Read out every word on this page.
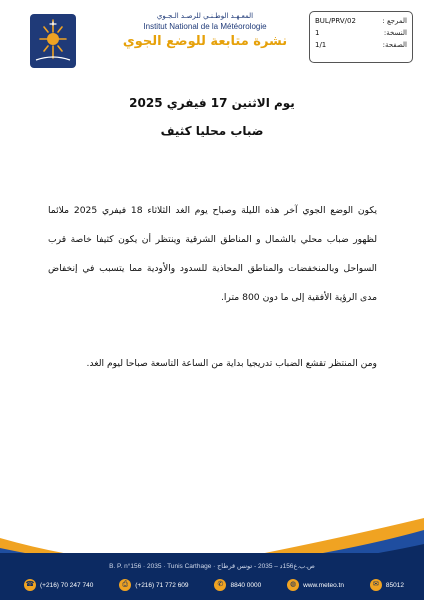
المرجع :
BUL/PRV/02
النسخة:
1
الصفحة:
1/1
المعـهـد الوطـنـي للرصـد الـجـوي
Institut National de la Météorologie
نشرة متابعة للوضع الجوي
يوم الاثنين 17 فيفري 2025
ضباب محليا كثيف

يكون الوضع الجوي آخر هذه الليلة وصباح يوم الغد الثلاثاء 18 فيفري 2025 ملائما لظهور ضباب محلي بالشمال و المناطق الشرقية وينتظر أن يكون كثيفا خاصة قرب السواحل وبالمنخفضات والمناطق المحاذية للسدود والأودية مما يتسبب في إنخفاض مدى الرؤية الأفقية إلى ما دون 800 مترا.

ومن المنتظر تقشع الضباب تدريجيا بداية من الساعة التاسعة صباحا ليوم الغد.

B. P. n°156 · 2035 · Tunis Carthage · ص.ب.ع156د – 2035 - تونس قرطاج
☎ (+216) 70 247 740	⎙	(+216) 71 772 609	✆	8840 0000	◍	www.meteo.tn	✉	85012
